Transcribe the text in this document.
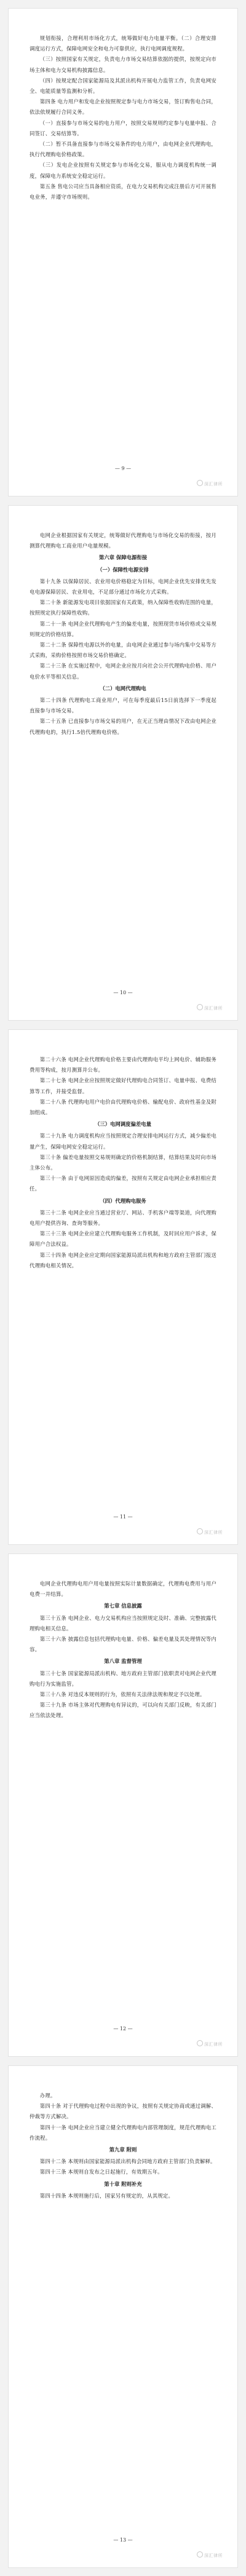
规划衔接，合理利用市场化方式，统筹做好电力电量平衡。（二）合理安排调度运行方式，保障电网安全和电力可靠供应，执行电网调度规程。

（三）按照国家有关规定，负责电力市场交易结算依据的提供，按规定向市场主体和电力交易机构披露信息。

（四）按规定配合国家能源局及其派出机构开展电力监管工作，负责电网安全、电能质量等监测和分析。

第四条 电力用户和发电企业按照规定参与电力市场交易，签订购售电合同，依法依规履行合同义务。

（一）直接参与市场交易的电力用户，按照交易规则约定参与电量申报、合同签订、交易结算等。

（二）暂不具备直接参与市场交易条件的电力用户，由电网企业代理购电，执行代理购电价格政策。

（三）发电企业按照有关规定参与市场化交易，服从电力调度机构统一调度，保障电力系统安全稳定运行。

第五条 售电公司应当具备相应资质，在电力交易机构完成注册后方可开展售电业务，并遵守市场规则。

深汇律所
— 9 —

电网企业根据国家有关规定，统筹做好代理购电与市场化交易的衔接，按月测算代理购电工商业用户电量规模。

第六章 保障电源衔接

（一）保障性电源安排

第十九条 以保障居民、农业用电价格稳定为目标，电网企业优先安排优先发电电源保障居民、农业用电，不足部分通过市场化方式采购。

第二十条 新能源发电项目依据国家有关政策，纳入保障性收购范围的电量，按照规定执行保障性收购。

第二十一条 电网企业代理购电产生的偏差电量，按照现货市场价格或交易规则规定的价格结算。

第二十二条 保障性电源以外的电量，由电网企业通过参与场内集中交易等方式采购，采购价格按照市场交易价格确定。

第二十三条 在实施过程中，电网企业应按月向社会公开代理购电价格、用户电价水平等相关信息。

（二）电网代理购电

第二十四条 代理购电工商业用户，可在每季度最后15日前选择下一季度起直接参与市场交易。

第二十五条 已直接参与市场交易的用户，在无正当理由情况下改由电网企业代理购电的，执行1.5倍代理购电价格。

深汇律所
— 10 —

第二十六条 电网企业代理购电价格主要由代理购电平均上网电价、辅助服务费用等构成，按月测算并公布。

第二十七条 电网企业应按照规定做好代理购电合同签订、电量申报、电费结算等工作，并接受监督。

第二十八条 代理购电用户电价由代理购电价格、输配电价、政府性基金及附加组成。

（三）电网调度偏差电量

第二十九条 电力调度机构应当按照规定合理安排电网运行方式，减少偏差电量产生，保障电网安全稳定运行。

第三十条 偏差电量按照交易规则确定的价格机制结算，结算结果及时向市场主体公布。

第三十一条 由于电网原因造成的偏差，按照有关规定由电网企业承担相应责任。

（四）代理购电服务

第三十二条 电网企业应当通过营业厅、网站、手机客户端等渠道，向代理购电用户提供咨询、查询等服务。

第三十三条 电网企业应建立代理购电服务工作机制，及时回应用户诉求，保障用户合法权益。

第三十四条 电网企业应定期向国家能源局派出机构和地方政府主管部门报送代理购电相关情况。

深汇律所
— 11 —

电网企业代理购电用户用电量按照实际计量数据确定，代理购电费用与用户电费一并结算。

第七章 信息披露

第三十五条 电网企业、电力交易机构应当按照规定及时、准确、完整披露代理购电相关信息。

第三十六条 披露信息包括代理购电电量、价格、偏差电量及其处理情况等内容。

第八章 监督管理

第三十七条 国家能源局派出机构、地方政府主管部门依职责对电网企业代理购电行为实施监管。

第三十八条 对违反本规则的行为，依照有关法律法规和规定予以处理。

第三十九条 市场主体对代理购电有异议的，可以向有关部门反映，有关部门应当依法处理。

深汇律所
— 12 —

办理。

第四十条 对于代理购电过程中出现的争议，按照有关规定协商或通过调解、仲裁等方式解决。

第四十一条 电网企业应当建立健全代理购电内部管理制度，规范代理购电工作流程。

第九章 附则

第四十二条 本规则由国家能源局派出机构会同地方政府主管部门负责解释。

第四十三条 本规则自发布之日起施行，有效期五年。

第十章 附则补充

第四十四条 本规则施行后，国家另有规定的，从其规定。

深汇律所
— 13 —
